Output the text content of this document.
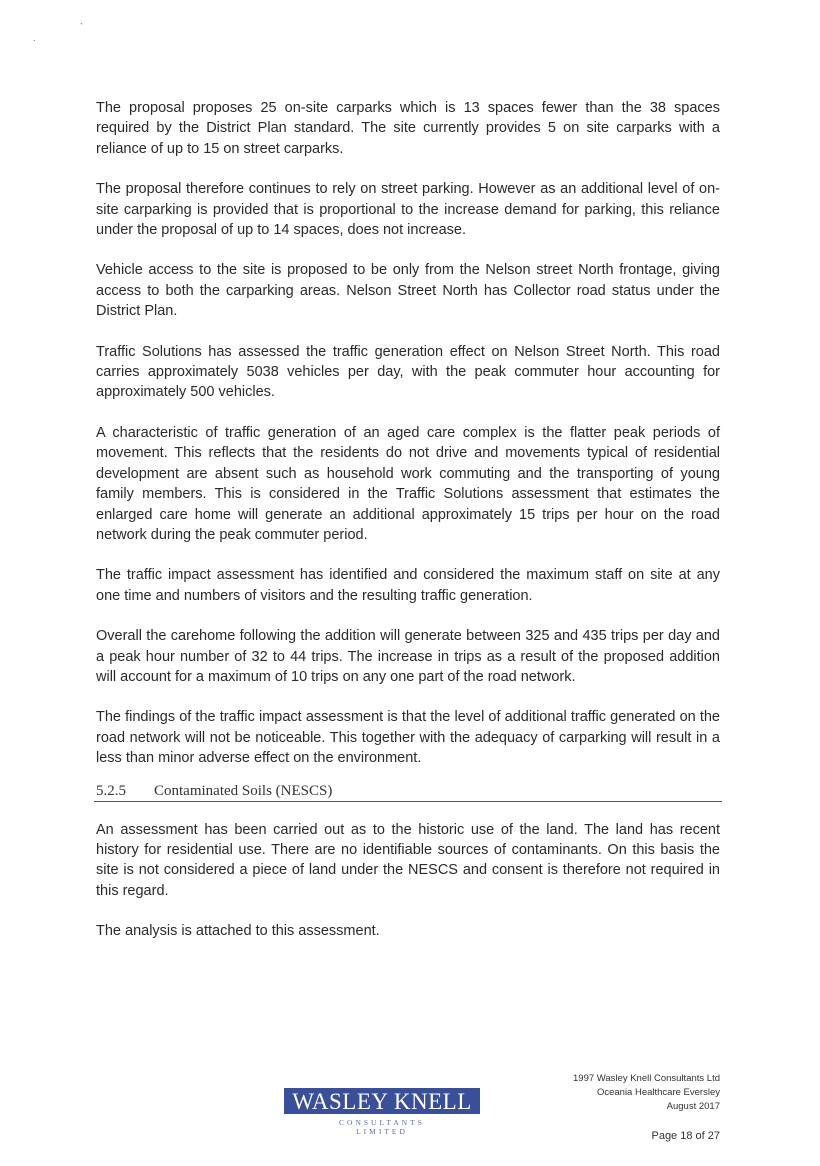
.
`

The proposal proposes 25 on-site carparks which is 13 spaces fewer than the 38 spaces required by the District Plan standard. The site currently provides 5 on site carparks with a reliance of up to 15 on street carparks.

The proposal therefore continues to rely on street parking. However as an additional level of on-site carparking is provided that is proportional to the increase demand for parking, this reliance under the proposal of up to 14 spaces, does not increase.

Vehicle access to the site is proposed to be only from the Nelson street North frontage, giving access to both the carparking areas. Nelson Street North has Collector road status under the District Plan.

Traffic Solutions has assessed the traffic generation effect on Nelson Street North. This road carries approximately 5038 vehicles per day, with the peak commuter hour accounting for approximately 500 vehicles.

A characteristic of traffic generation of an aged care complex is the flatter peak periods of movement. This reflects that the residents do not drive and movements typical of residential development are absent such as household work commuting and the transporting of young family members. This is considered in the Traffic Solutions assessment that estimates the enlarged care home will generate an additional approximately 15 trips per hour on the road network during the peak commuter period.

The traffic impact assessment has identified and considered the maximum staff on site at any one time and numbers of visitors and the resulting traffic generation.

Overall the carehome following the addition will generate between 325 and 435 trips per day and a peak hour number of 32 to 44 trips. The increase in trips as a result of the proposed addition will account for a maximum of 10 trips on any one part of the road network.

The findings of the traffic impact assessment is that the level of additional traffic generated on the road network will not be noticeable. This together with the adequacy of carparking will result in a less than minor adverse effect on the environment.

5.2.5 Contaminated Soils (NESCS)

An assessment has been carried out as to the historic use of the land. The land has recent history for residential use. There are no identifiable sources of contaminants. On this basis the site is not considered a piece of land under the NESCS and consent is therefore not required in this regard.

The analysis is attached to this assessment.

WASLEY KNELL
CONSULTANTS
LIMITED
1997 Wasley Knell Consultants Ltd
Oceania Healthcare Eversley
August 2017
Page 18 of 27
